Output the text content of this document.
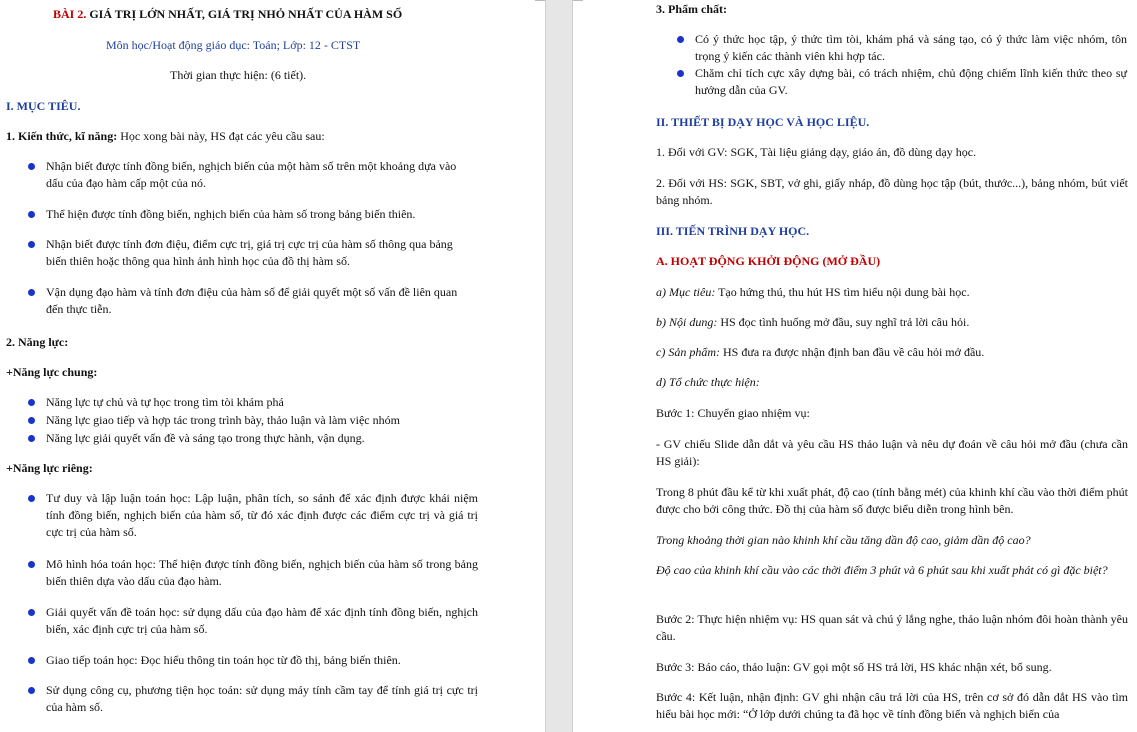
BÀI 2. GIÁ TRỊ LỚN NHẤT, GIÁ TRỊ NHỎ NHẤT CỦA HÀM SỐ
Môn học/Hoạt động giáo dục: Toán; Lớp: 12 - CTST
Thời gian thực hiện: (6 tiết).
I. MỤC TIÊU.
1. Kiến thức, kĩ năng: Học xong bài này, HS đạt các yêu cầu sau:
Nhận biết được tính đồng biến, nghịch biến của một hàm số trên một khoảng dựa vào dấu của đạo hàm cấp một của nó.
Thể hiện được tính đồng biến, nghịch biến của hàm số trong bảng biến thiên.
Nhận biết được tính đơn điệu, điểm cực trị, giá trị cực trị của hàm số thông qua bảng biến thiên hoặc thông qua hình ảnh hình học của đồ thị hàm số.
Vận dụng đạo hàm và tính đơn điệu của hàm số để giải quyết một số vấn đề liên quan đến thực tiễn.
2. Năng lực:
+Năng lực chung:
Năng lực tự chủ và tự học trong tìm tòi khám phá
Năng lực giao tiếp và hợp tác trong trình bày, thảo luận và làm việc nhóm
Năng lực giải quyết vấn đề và sáng tạo trong thực hành, vận dụng.
+Năng lực riêng:
Tư duy và lập luận toán học: Lập luận, phân tích, so sánh để xác định được khái niệm tính đồng biến, nghịch biến của hàm số, từ đó xác định được các điểm cực trị và giá trị cực trị của hàm số.
Mô hình hóa toán học: Thể hiện được tính đồng biến, nghịch biến của hàm số trong bảng biến thiên dựa vào dấu của đạo hàm.
Giải quyết vấn đề toán học: sử dụng dấu của đạo hàm để xác định tính đồng biến, nghịch biến, xác định cực trị của hàm số.
Giao tiếp toán học: Đọc hiểu thông tin toán học từ đồ thị, bảng biến thiên.
Sử dụng công cụ, phương tiện học toán: sử dụng máy tính cầm tay để tính giá trị cực trị của hàm số.
3. Phẩm chất:
Có ý thức học tập, ý thức tìm tòi, khám phá và sáng tạo, có ý thức làm việc nhóm, tôn trọng ý kiến các thành viên khi hợp tác.
Chăm chỉ tích cực xây dựng bài, có trách nhiệm, chủ động chiếm lĩnh kiến thức theo sự hướng dẫn của GV.
II. THIẾT BỊ DẠY HỌC VÀ HỌC LIỆU.
1. Đối với GV: SGK, Tài liệu giảng dạy, giáo án, đồ dùng dạy học.
2. Đối với HS: SGK, SBT, vở ghi, giấy nháp, đồ dùng học tập (bút, thước...), bảng nhóm, bút viết bảng nhóm.
III. TIẾN TRÌNH DẠY HỌC.
A. HOẠT ĐỘNG KHỞI ĐỘNG (MỞ ĐẦU)
a) Mục tiêu: Tạo hứng thú, thu hút HS tìm hiểu nội dung bài học.
b) Nội dung: HS đọc tình huống mở đầu, suy nghĩ trả lời câu hỏi.
c) Sản phẩm: HS đưa ra được nhận định ban đầu về câu hỏi mở đầu.
d) Tổ chức thực hiện:
Bước 1: Chuyển giao nhiệm vụ:
- GV chiếu Slide dẫn dắt và yêu cầu HS thảo luận và nêu dự đoán về câu hỏi mở đầu (chưa cần HS giải):
Trong 8 phút đầu kể từ khi xuất phát, độ cao (tính bằng mét) của khinh khí cầu vào thời điểm phút được cho bởi công thức. Đồ thị của hàm số được biểu diễn trong hình bên.
Trong khoảng thời gian nào khinh khí cầu tăng dần độ cao, giảm dần độ cao?
Độ cao của khinh khí cầu vào các thời điểm 3 phút và 6 phút sau khi xuất phát có gì đặc biệt?
Bước 2: Thực hiện nhiệm vụ: HS quan sát và chú ý lắng nghe, thảo luận nhóm đôi hoàn thành yêu cầu.
Bước 3: Báo cáo, thảo luận: GV gọi một số HS trả lời, HS khác nhận xét, bổ sung.
Bước 4: Kết luận, nhận định: GV ghi nhận câu trả lời của HS, trên cơ sở đó dẫn dắt HS vào tìm hiểu bài học mới: “Ở lớp dưới chúng ta đã học về tính đồng biến và nghịch biến của
